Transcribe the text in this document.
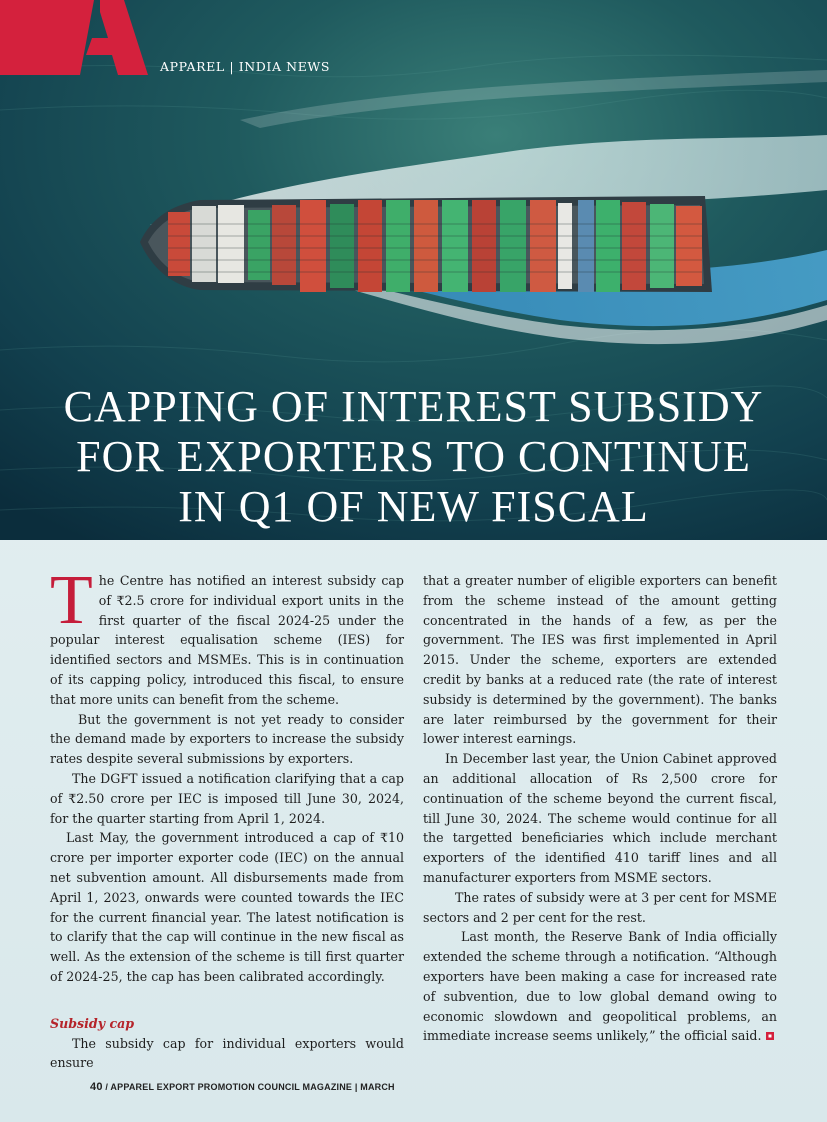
APPAREL | INDIA NEWS
CAPPING OF INTEREST SUBSIDY
FOR EXPORTERS TO CONTINUE
IN Q1 OF NEW FISCAL

The Centre has notified an interest subsidy cap of ₹2.5 crore for individual export units in the first quarter of the fiscal 2024-25 under the popular interest equalisation scheme (IES) for identified sectors and MSMEs. This is in continuation of its capping policy, introduced this fiscal, to ensure that more units can benefit from the scheme.

But the government is not yet ready to consider the demand made by exporters to increase the subsidy rates despite several submissions by exporters.

The DGFT issued a notification clarifying that a cap of ₹2.50 crore per IEC is imposed till June 30, 2024, for the quarter starting from April 1, 2024.

Last May, the government introduced a cap of ₹10 crore per importer exporter code (IEC) on the annual net subvention amount. All disbursements made from April 1, 2023, onwards were counted towards the IEC for the current financial year. The latest notification is to clarify that the cap will continue in the new fiscal as well. As the extension of the scheme is till first quarter of 2024-25, the cap has been calibrated accordingly.

Subsidy cap

The subsidy cap for individual exporters would ensure

that a greater number of eligible exporters can benefit from the scheme instead of the amount getting concentrated in the hands of a few, as per the government. The IES was first implemented in April 2015. Under the scheme, exporters are extended credit by banks at a reduced rate (the rate of interest subsidy is determined by the government). The banks are later reimbursed by the government for their lower interest earnings.

In December last year, the Union Cabinet approved an additional allocation of Rs 2,500 crore for continuation of the scheme beyond the current fiscal, till June 30, 2024. The scheme would continue for all the targetted beneficiaries which include merchant exporters of the identified 410 tariff lines and all manufacturer exporters from MSME sectors.

The rates of subsidy were at 3 per cent for MSME sectors and 2 per cent for the rest.

Last month, the Reserve Bank of India officially extended the scheme through a notification. “Although exporters have been making a case for increased rate of subvention, due to low global demand owing to economic slowdown and geopolitical problems, an immediate increase seems unlikely,” the official said.

40 / APPAREL EXPORT PROMOTION COUNCIL MAGAZINE | MARCH
